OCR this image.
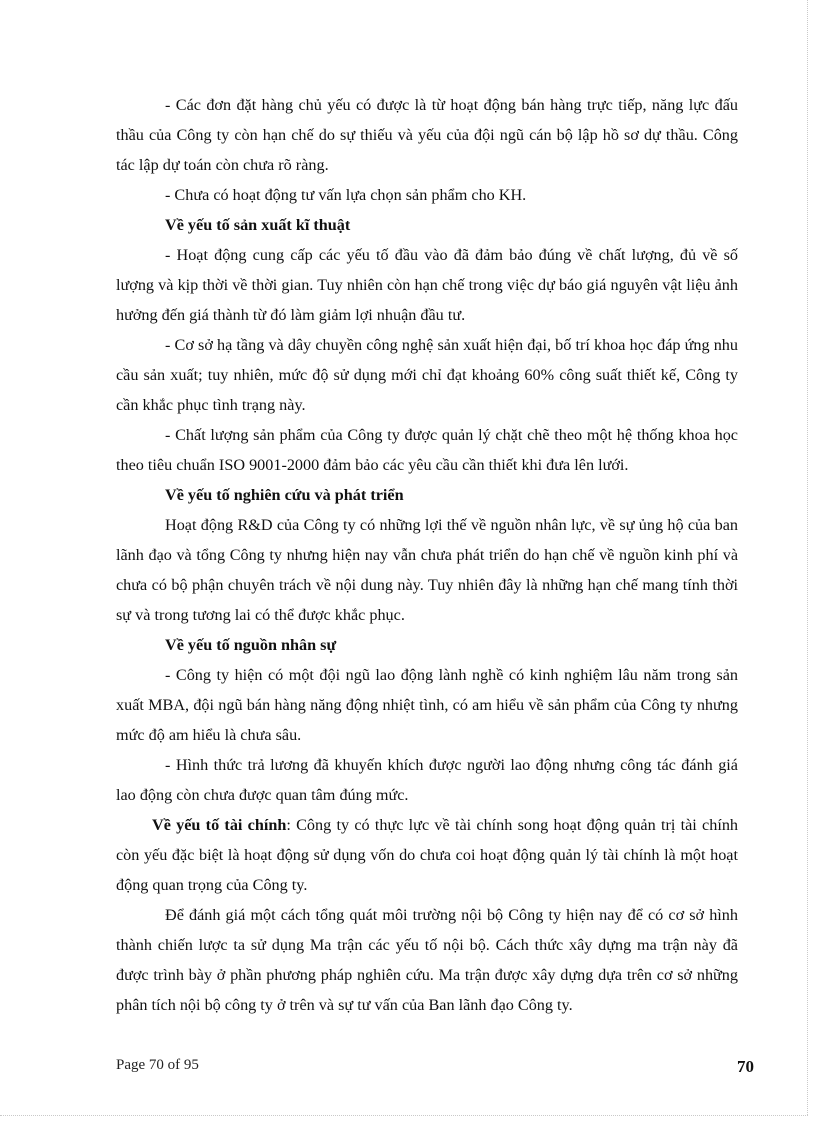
- Các đơn đặt hàng chủ yếu có được là từ hoạt động bán hàng trực tiếp, năng lực đấu thầu của Công ty còn hạn chế do sự thiếu và yếu của đội ngũ cán bộ lập hồ sơ dự thầu. Công tác lập dự toán còn chưa rõ ràng.

- Chưa có hoạt động tư vấn lựa chọn sản phẩm cho KH.

Về yếu tố sản xuất kĩ thuật

- Hoạt động cung cấp các yếu tố đầu vào đã đảm bảo đúng về chất lượng, đủ về số lượng và kịp thời về thời gian. Tuy nhiên còn hạn chế trong việc dự báo giá nguyên vật liệu ảnh hưởng đến giá thành từ đó làm giảm lợi nhuận đầu tư.

- Cơ sở hạ tầng và dây chuyền công nghệ sản xuất hiện đại, bố trí khoa học đáp ứng nhu cầu sản xuất; tuy nhiên, mức độ sử dụng mới chỉ đạt khoảng 60% công suất thiết kế, Công ty cần khắc phục tình trạng này.

- Chất lượng sản phẩm của Công ty được quản lý chặt chẽ theo một hệ thống khoa học theo tiêu chuẩn ISO 9001-2000 đảm bảo các yêu cầu cần thiết khi đưa lên lưới.

Về yếu tố nghiên cứu và phát triển

Hoạt động R&D của Công ty có những lợi thế về nguồn nhân lực, về sự ủng hộ của ban lãnh đạo và tổng Công ty nhưng hiện nay vẫn chưa phát triển do hạn chế về nguồn kinh phí và chưa có bộ phận chuyên trách về nội dung này. Tuy nhiên đây là những hạn chế mang tính thời sự và trong tương lai có thể được khắc phục.

Về yếu tố nguồn nhân sự

- Công ty hiện có một đội ngũ lao động lành nghề có kinh nghiệm lâu năm trong sản xuất MBA, đội ngũ bán hàng năng động nhiệt tình, có am hiểu về sản phẩm của Công ty nhưng mức độ am hiểu là chưa sâu.

- Hình thức trả lương đã khuyến khích được người lao động nhưng công tác đánh giá lao động còn chưa được quan tâm đúng mức.

Về yếu tố tài chính: Công ty có thực lực về tài chính song hoạt động quản trị tài chính còn yếu đặc biệt là hoạt động sử dụng vốn do chưa coi hoạt động quản lý tài chính là một hoạt động quan trọng của Công ty.

Để đánh giá một cách tổng quát môi trường nội bộ Công ty hiện nay để có cơ sở hình thành chiến lược ta sử dụng Ma trận các yếu tố nội bộ. Cách thức xây dựng ma trận này đã được trình bày ở phần phương pháp nghiên cứu. Ma trận được xây dựng dựa trên cơ sở những phân tích nội bộ công ty ở trên và sự tư vấn của Ban lãnh đạo Công ty.

Page 70 of 95	70
